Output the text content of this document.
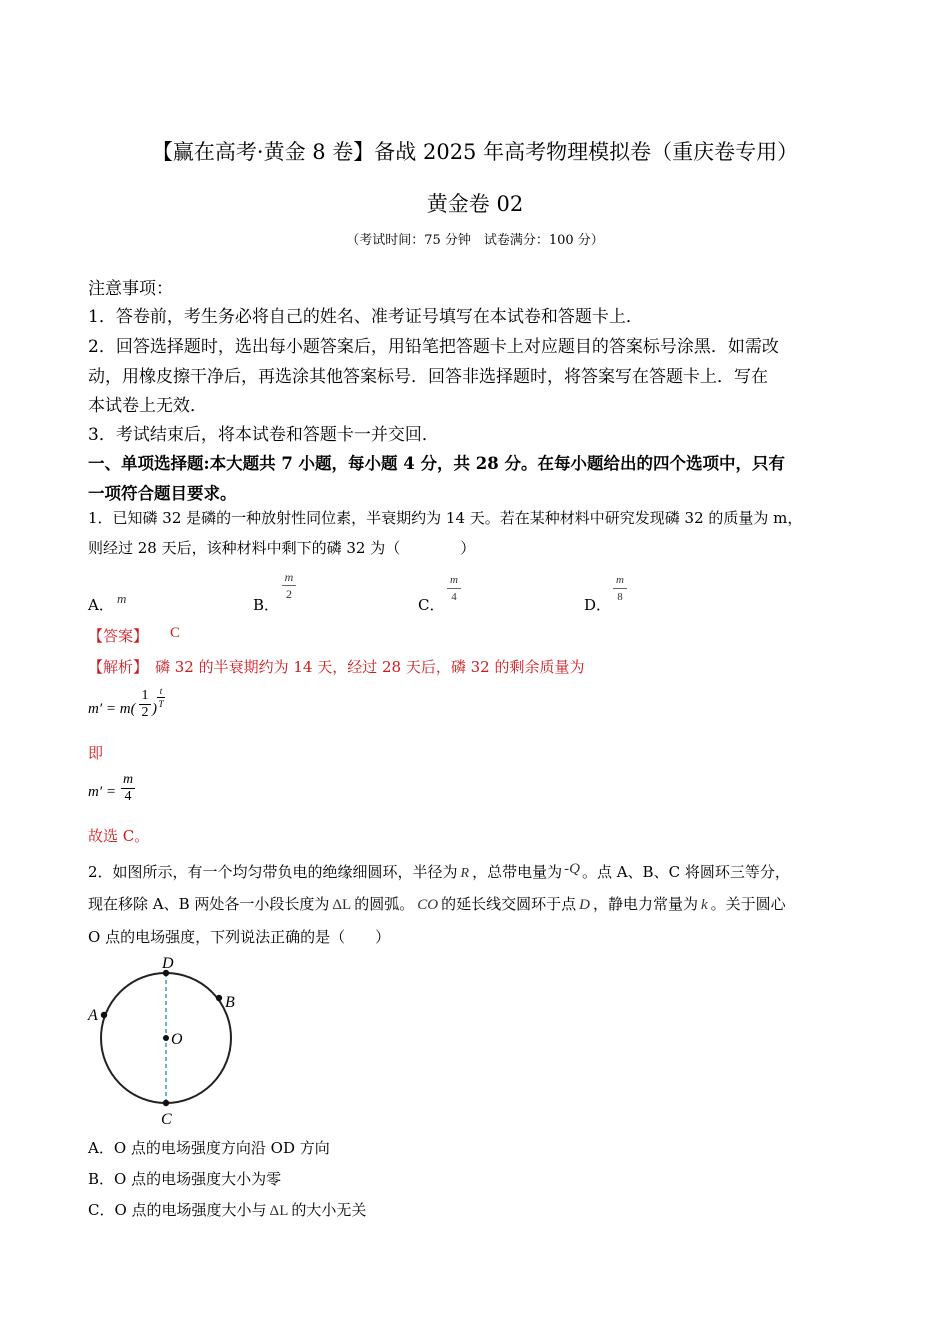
【赢在高考·黄金 8 卷】备战 2025 年高考物理模拟卷（重庆卷专用）
黄金卷 02
（考试时间：75 分钟　试卷满分：100 分）
注意事项：
1．答卷前，考生务必将自己的姓名、准考证号填写在本试卷和答题卡上．
2．回答选择题时，选出每小题答案后，用铅笔把答题卡上对应题目的答案标号涂黑．如需改
动，用橡皮擦干净后，再选涂其他答案标号．回答非选择题时，将答案写在答题卡上．写在
本试卷上无效．
3．考试结束后，将本试卷和答题卡一并交回．
一、单项选择题:本大题共 7 小题，每小题 4 分，共 28 分。在每小题给出的四个选项中，只有
一项符合题目要求。
1．已知磷 32 是磷的一种放射性同位素，半衰期约为 14 天。若在某种材料中研究发现磷 32 的质量为 m，
则经过 28 天后，该种材料中剩下的磷 32 为（　　　　）
A． m	B．
m
2
C．
m
4	D．
m
8
【答案】 C
【解析】 磷 32 的半衰期约为 14 天，经过 28 天后，磷 32 的剩余质量为
m′ = m(
1
2 )
t
T
即
m′ =
m
4
故选 C。
2．如图所示，有一个均匀带负电的绝缘细圆环，半径为 R ，总带电量为 -Q 。点 A、B、C 将圆环三等分，
现在移除 A、B 两处各一小段长度为 ΔL 的圆弧。 CO 的延长线交圆环于点 D ，静电力常量为 k 。关于圆心
O 点的电场强度，下列说法正确的是（　　）
D
C
O
B
A
A．O 点的电场强度方向沿 OD 方向
B．O 点的电场强度大小为零
C．O 点的电场强度大小与 ΔL 的大小无关
